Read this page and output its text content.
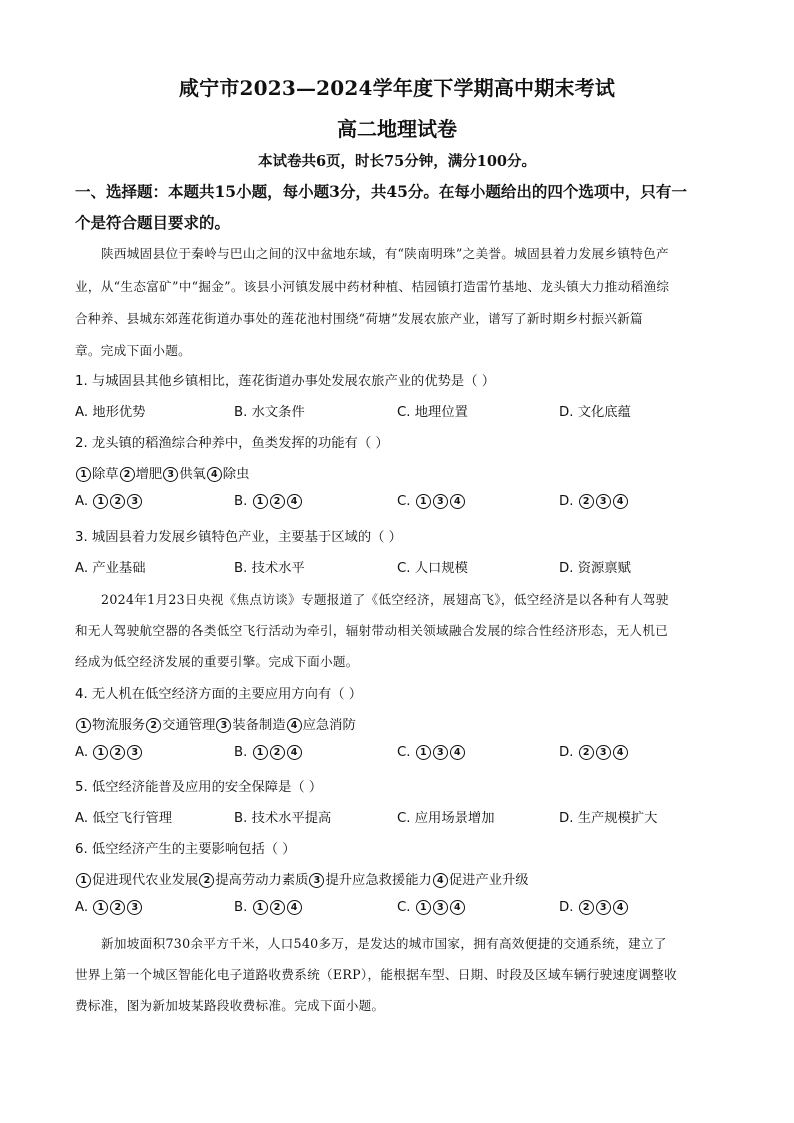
咸宁市2023—2024学年度下学期高中期末考试
高二地理试卷
本试卷共6页，时长75分钟，满分100分。
一、选择题：本题共15小题，每小题3分，共45分。在每小题给出的四个选项中，只有一
个是符合题目要求的。
陕西城固县位于秦岭与巴山之间的汉中盆地东域，有“陕南明珠”之美誉。城固县着力发展乡镇特色产
业，从“生态富矿”中“掘金”。该县小河镇发展中药材种植、桔园镇打造雷竹基地、龙头镇大力推动稻渔综
合种养、县城东郊莲花街道办事处的莲花池村围绕“荷塘”发展农旅产业，谱写了新时期乡村振兴新篇
章。完成下面小题。
1. 与城固县其他乡镇相比，莲花街道办事处发展农旅产业的优势是（ ）
A. 地形优势	B. 水文条件	C. 地理位置	D. 文化底蕴
2. 龙头镇的稻渔综合种养中，鱼类发挥的功能有（ ）
1 除草 2 增肥 3 供氧 4 除虫
A. 1 2 3	B. 1 2 4	C. 1 3 4	D. 2 3 4
3. 城固县着力发展乡镇特色产业，主要基于区域的（ ）
A. 产业基础	B. 技术水平	C. 人口规模	D. 资源禀赋
2024年1月23日央视《焦点访谈》专题报道了《低空经济，展翅高飞》，低空经济是以各种有人驾驶
和无人驾驶航空器的各类低空飞行活动为牵引，辐射带动相关领域融合发展的综合性经济形态，无人机已
经成为低空经济发展的重要引擎。完成下面小题。
4. 无人机在低空经济方面的主要应用方向有（ ）
1 物流服务 2 交通管理 3 装备制造 4 应急消防
A. 1 2 3	B. 1 2 4	C. 1 3 4	D. 2 3 4
5. 低空经济能普及应用的安全保障是（ ）
A. 低空飞行管理	B. 技术水平提高	C. 应用场景增加	D. 生产规模扩大
6. 低空经济产生的主要影响包括（ ）
1 促进现代农业发展 2 提高劳动力素质 3 提升应急救援能力 4 促进产业升级
A. 1 2 3	B. 1 2 4	C. 1 3 4	D. 2 3 4
新加坡面积730余平方千米，人口540多万，是发达的城市国家，拥有高效便捷的交通系统，建立了
世界上第一个城区智能化电子道路收费系统（ERP），能根据车型、日期、时段及区域车辆行驶速度调整收
费标准，图为新加坡某路段收费标准。完成下面小题。
